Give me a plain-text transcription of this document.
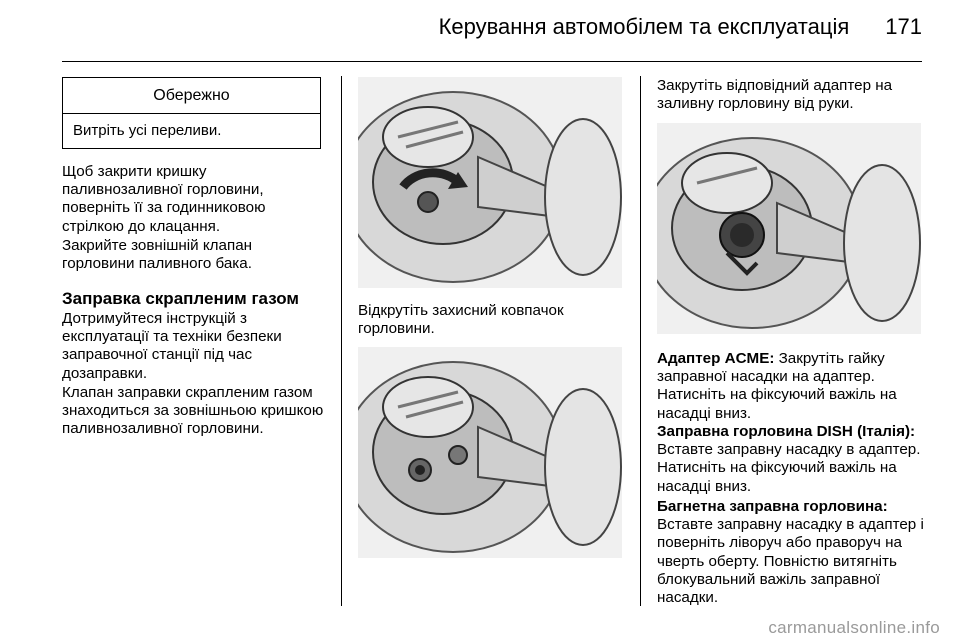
Керування автомобілем та експлуатація 171
Обережно
Витріть усі переливи.

Щоб закрити кришку паливнозаливної горловини, поверніть її за годинниковою стрілкою до клацання.

Закрийте зовнішній клапан горловини паливного бака.

Заправка скрапленим газом

Дотримуйтеся інструкцій з експлуатації та техніки безпеки заправочної станції під час дозаправки.

Клапан заправки скрапленим газом знаходиться за зовнішньою кришкою паливнозаливної горловини.

Відкрутіть захисний ковпачок горловини.

Закрутіть відповідний адаптер на заливну горловину від руки.

Адаптер ACME: Закрутіть гайку заправної насадки на адаптер. Натисніть на фіксуючий важіль на насадці вниз.

Заправна горловина DISH (Італія): Вставте заправну насадку в адаптер. Натисніть на фіксуючий важіль на насадці вниз.

Багнетна заправна горловина: Вставте заправну насадку в адаптер і поверніть ліворуч або праворуч на чверть оберту. Повністю витягніть блокувальний важіль заправної насадки.

carmanualsonline.info
